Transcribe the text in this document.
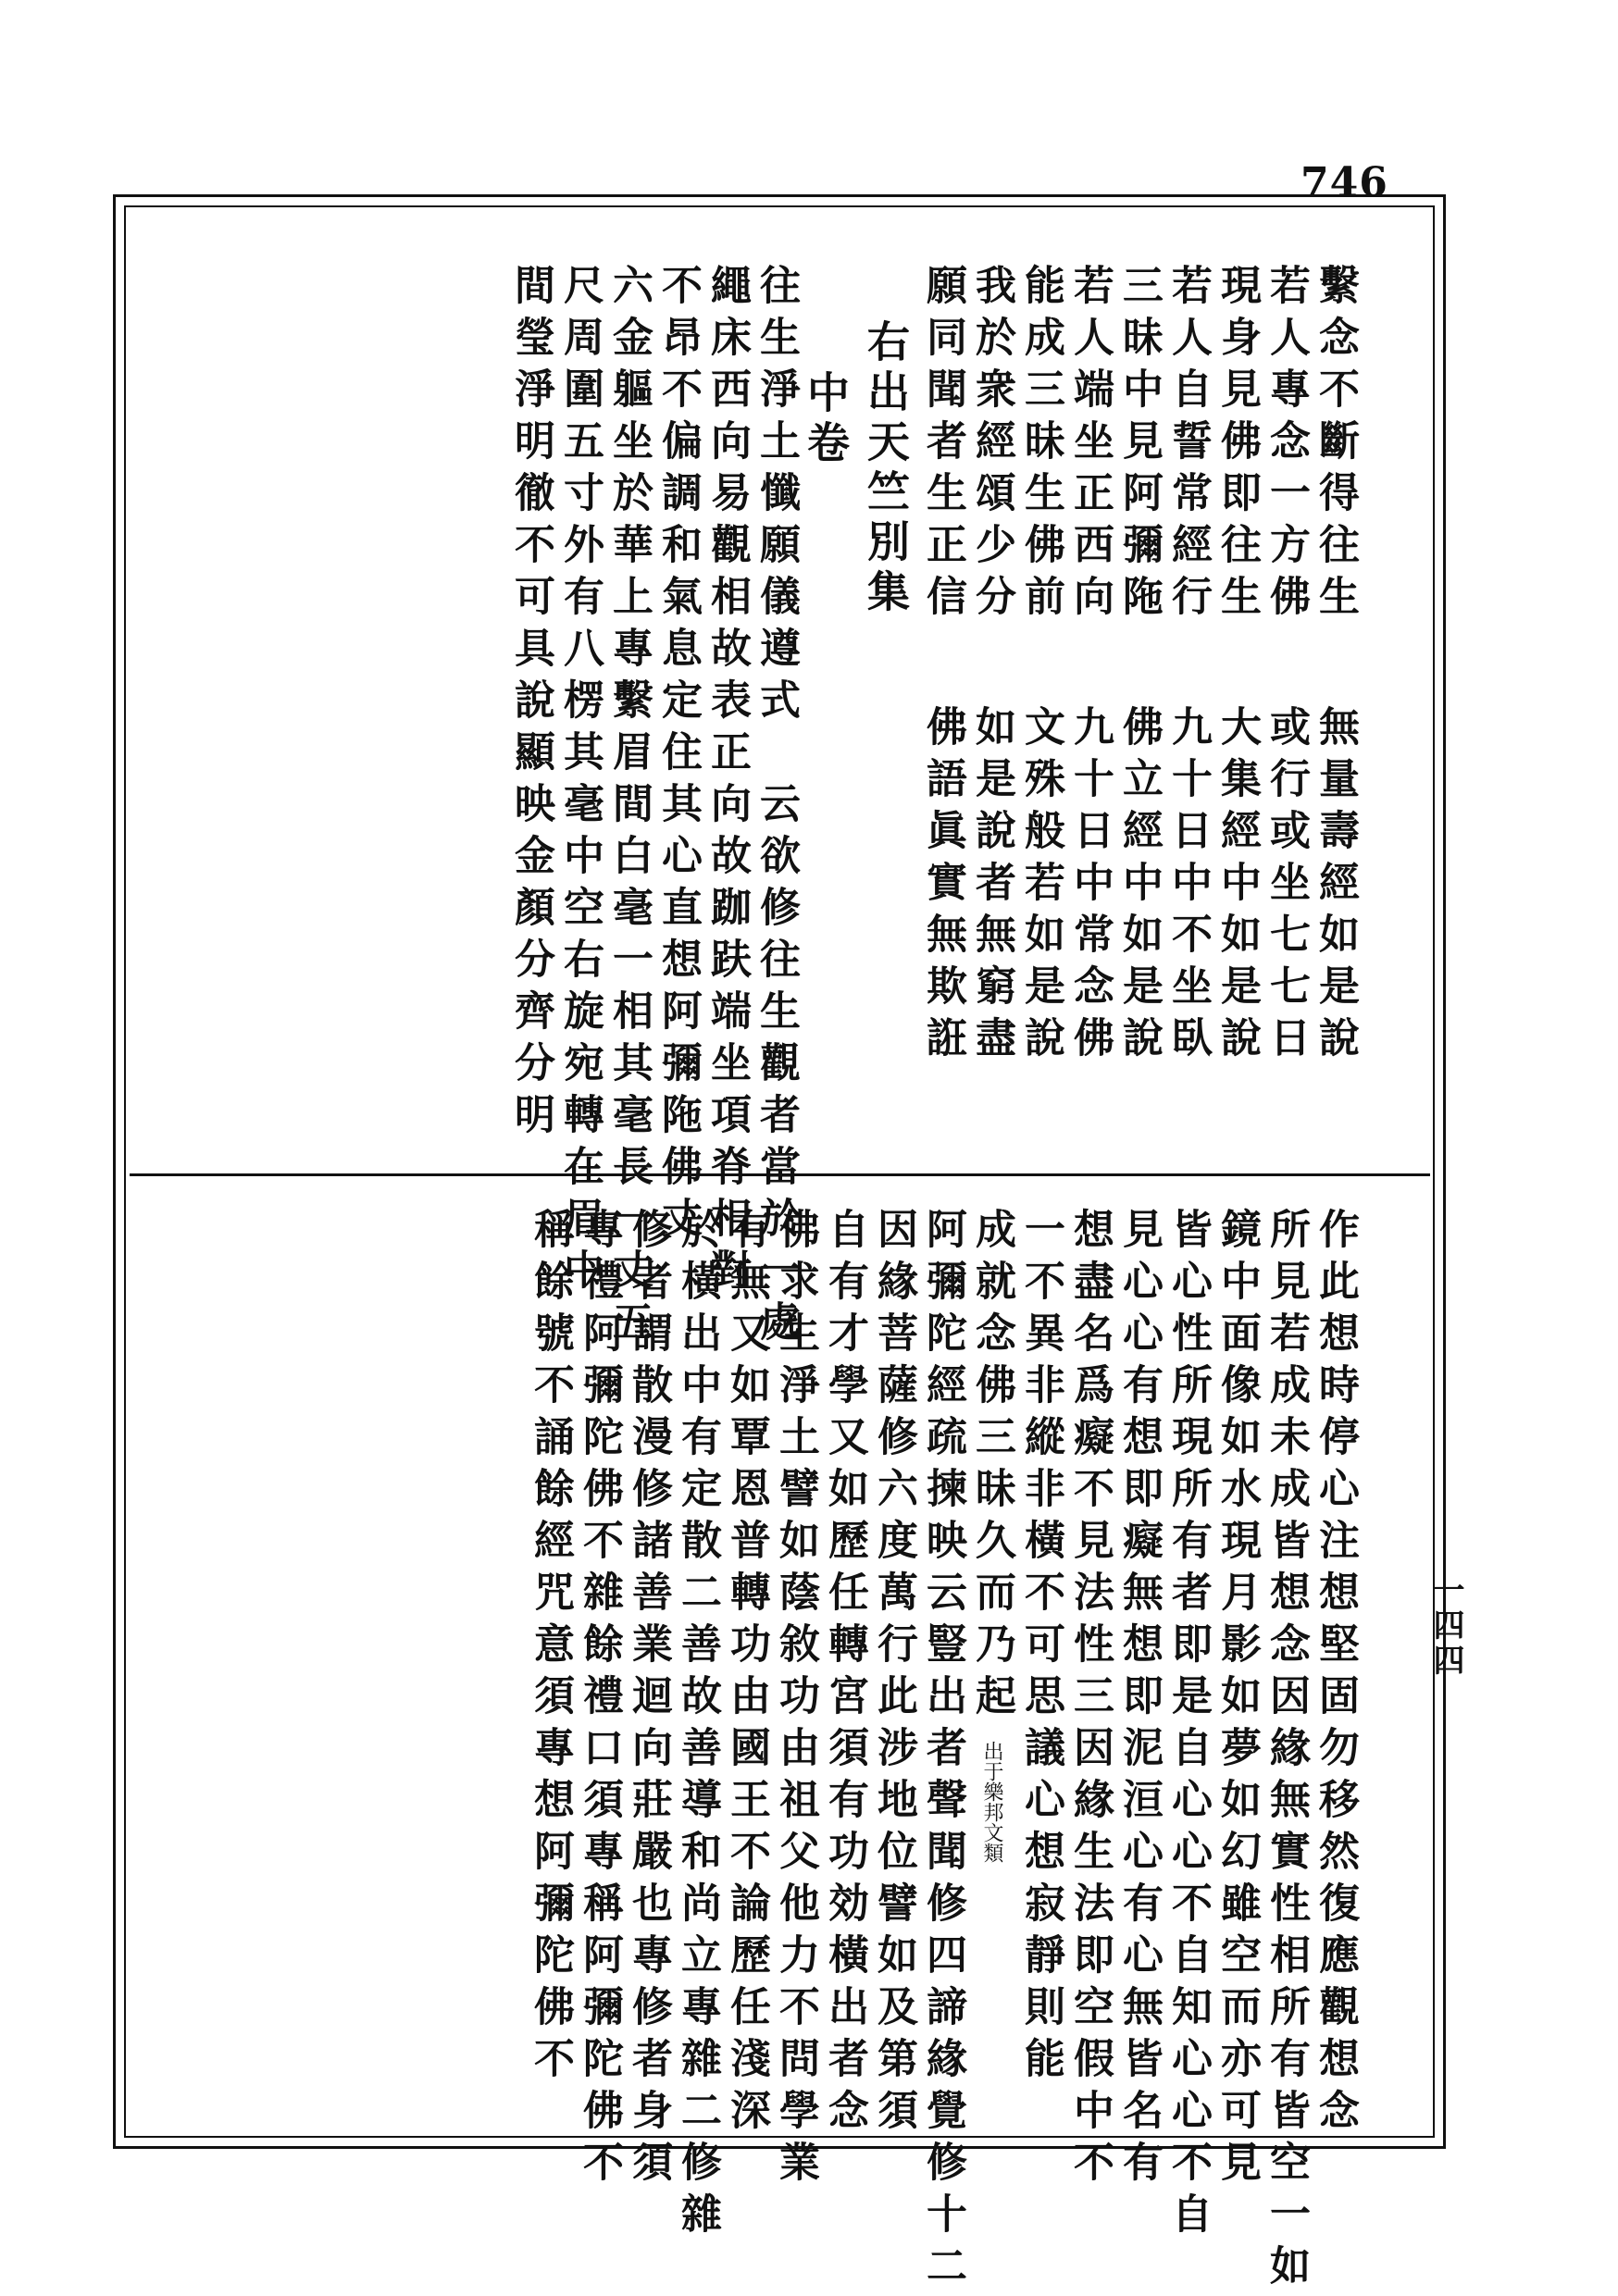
746
一四四
繫念不斷得往生無量壽經如是說
若人專念一方佛或行或坐七七日
現身見佛即往生大集經中如是說
若人自誓常經行九十日中不坐臥
三昧中見阿彌陁佛立經中如是說
若人端坐正西向九十日中常念佛
能成三昧生佛前文殊般若如是說
我於衆經頌少分如是說者無窮盡
願同聞者生正信佛語眞實無欺誑
右出天竺別集
中卷
往生淨土懺願儀遵式　云欲修往生觀者當於一處
繩床西向易觀相故表正向故跏趺端坐項脊相對
不昂不偏調和氣息定住其心直想阿彌陁佛丈
六金軀坐於華上專繫眉間白毫一相其毫長一丈五
尺周圍五寸外有八楞其毫中空右旋宛轉在眉中
間瑩淨明徹不可具說顯映金顏分齊分明
作此想時停心注想堅固勿移然復應觀想念
所見若成未成皆想念因緣無實性相所有皆空一如
鏡中面像如水現月影如夢如幻雖空而亦可見
皆心性所現所有者即是自心心不自知心心不自
見心心有想即癡無想即泥洹心有心無皆名有
想盡名爲癡不見法性三因緣生法即空假中不
一不異非縱非橫不可思議心想寂靜則能
成就念佛三昧久而乃起出于樂邦文類
阿彌陀經疏揀映云豎出者聲聞修四諦緣覺修十二
因緣菩薩修六度萬行此涉地位譬如及第須
自有才學又如歷任轉宮須有功効橫出者念
佛求生淨土譬如蔭敘功由祖父他力不問學業
有無又如覃恩普轉功由國王不論歷任淺深
於橫出中有定散二善故善導和尚立專雜二修雜
修者謂散漫修諸善業迴向莊嚴也專修者身須
專禮阿彌陀佛不雜餘禮口須專稱阿彌陀佛不
稱餘號不誦餘經咒意須專想阿彌陀佛不
